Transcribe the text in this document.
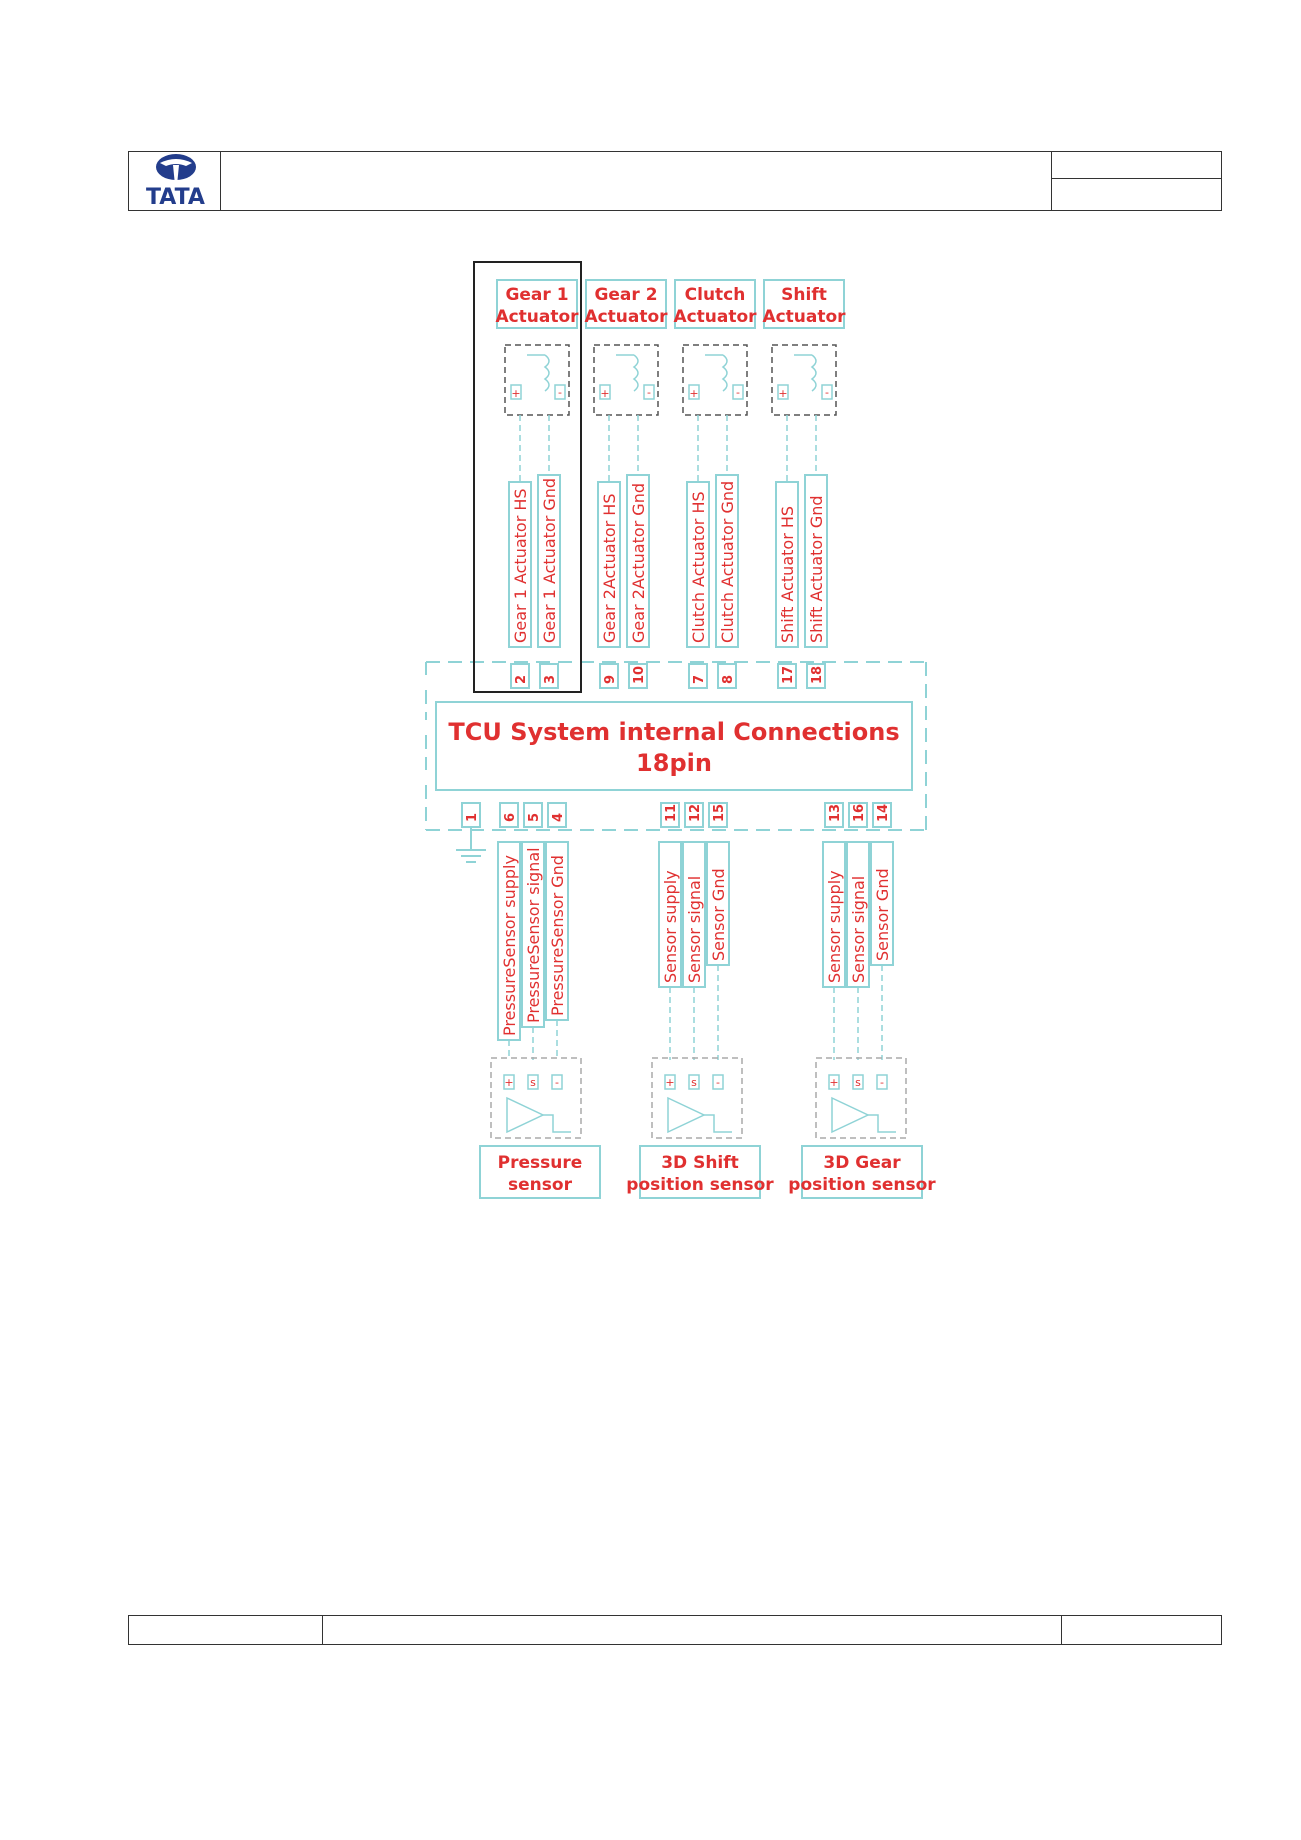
TATA
Gear 1
Actuator
+	-
Gear 1 Actuator HS Gear 1 Actuator Gnd
2 3
Gear 2
Actuator
+	-
Gear 2Actuator HS Gear 2Actuator Gnd
9 10
Clutch
Actuator
+	-
Clutch Actuator HS Clutch Actuator Gnd
7 8
Shift
Actuator
+	-
Shift Actuator HS Shift Actuator Gnd
17 18
1 6
PressureSensor supply
+
5
PressureSensor signal
s
4
PressureSensor Gnd
-
Pressure
sensor
11
Sensor supply
+
12
Sensor signal
s
15
Sensor Gnd
-
3D Shift
position sensor
13
Sensor supply
+
16
Sensor signal
s
14
Sensor Gnd
-
3D Gear
position sensor
TCU System internal Connections
18pin
